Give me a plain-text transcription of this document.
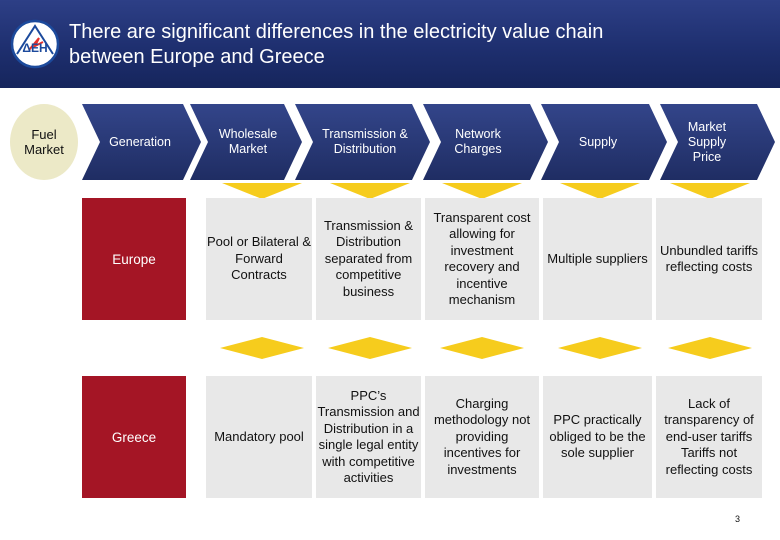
ΔΕΗ
There are significant differences in the electricity value chain
between Europe and Greece
Fuel Market
Generation
Wholesale Market
Transmission & Distribution
Network Charges
Supply
Market Supply Price
Europe
Pool or Bilateral & Forward Contracts
Transmission & Distribution separated from competitive business
Transparent cost allowing for investment recovery and incentive mechanism
Multiple suppliers
Unbundled tariffs reflecting costs
Greece	Mandatory pool
PPC’s Transmission and Distribution in a single legal entity with competitive activities
Charging methodology not providing incentives for investments
PPC practically obliged to be the sole supplier
Lack of transparency of end-user tariffs Tariffs not reflecting costs
3
